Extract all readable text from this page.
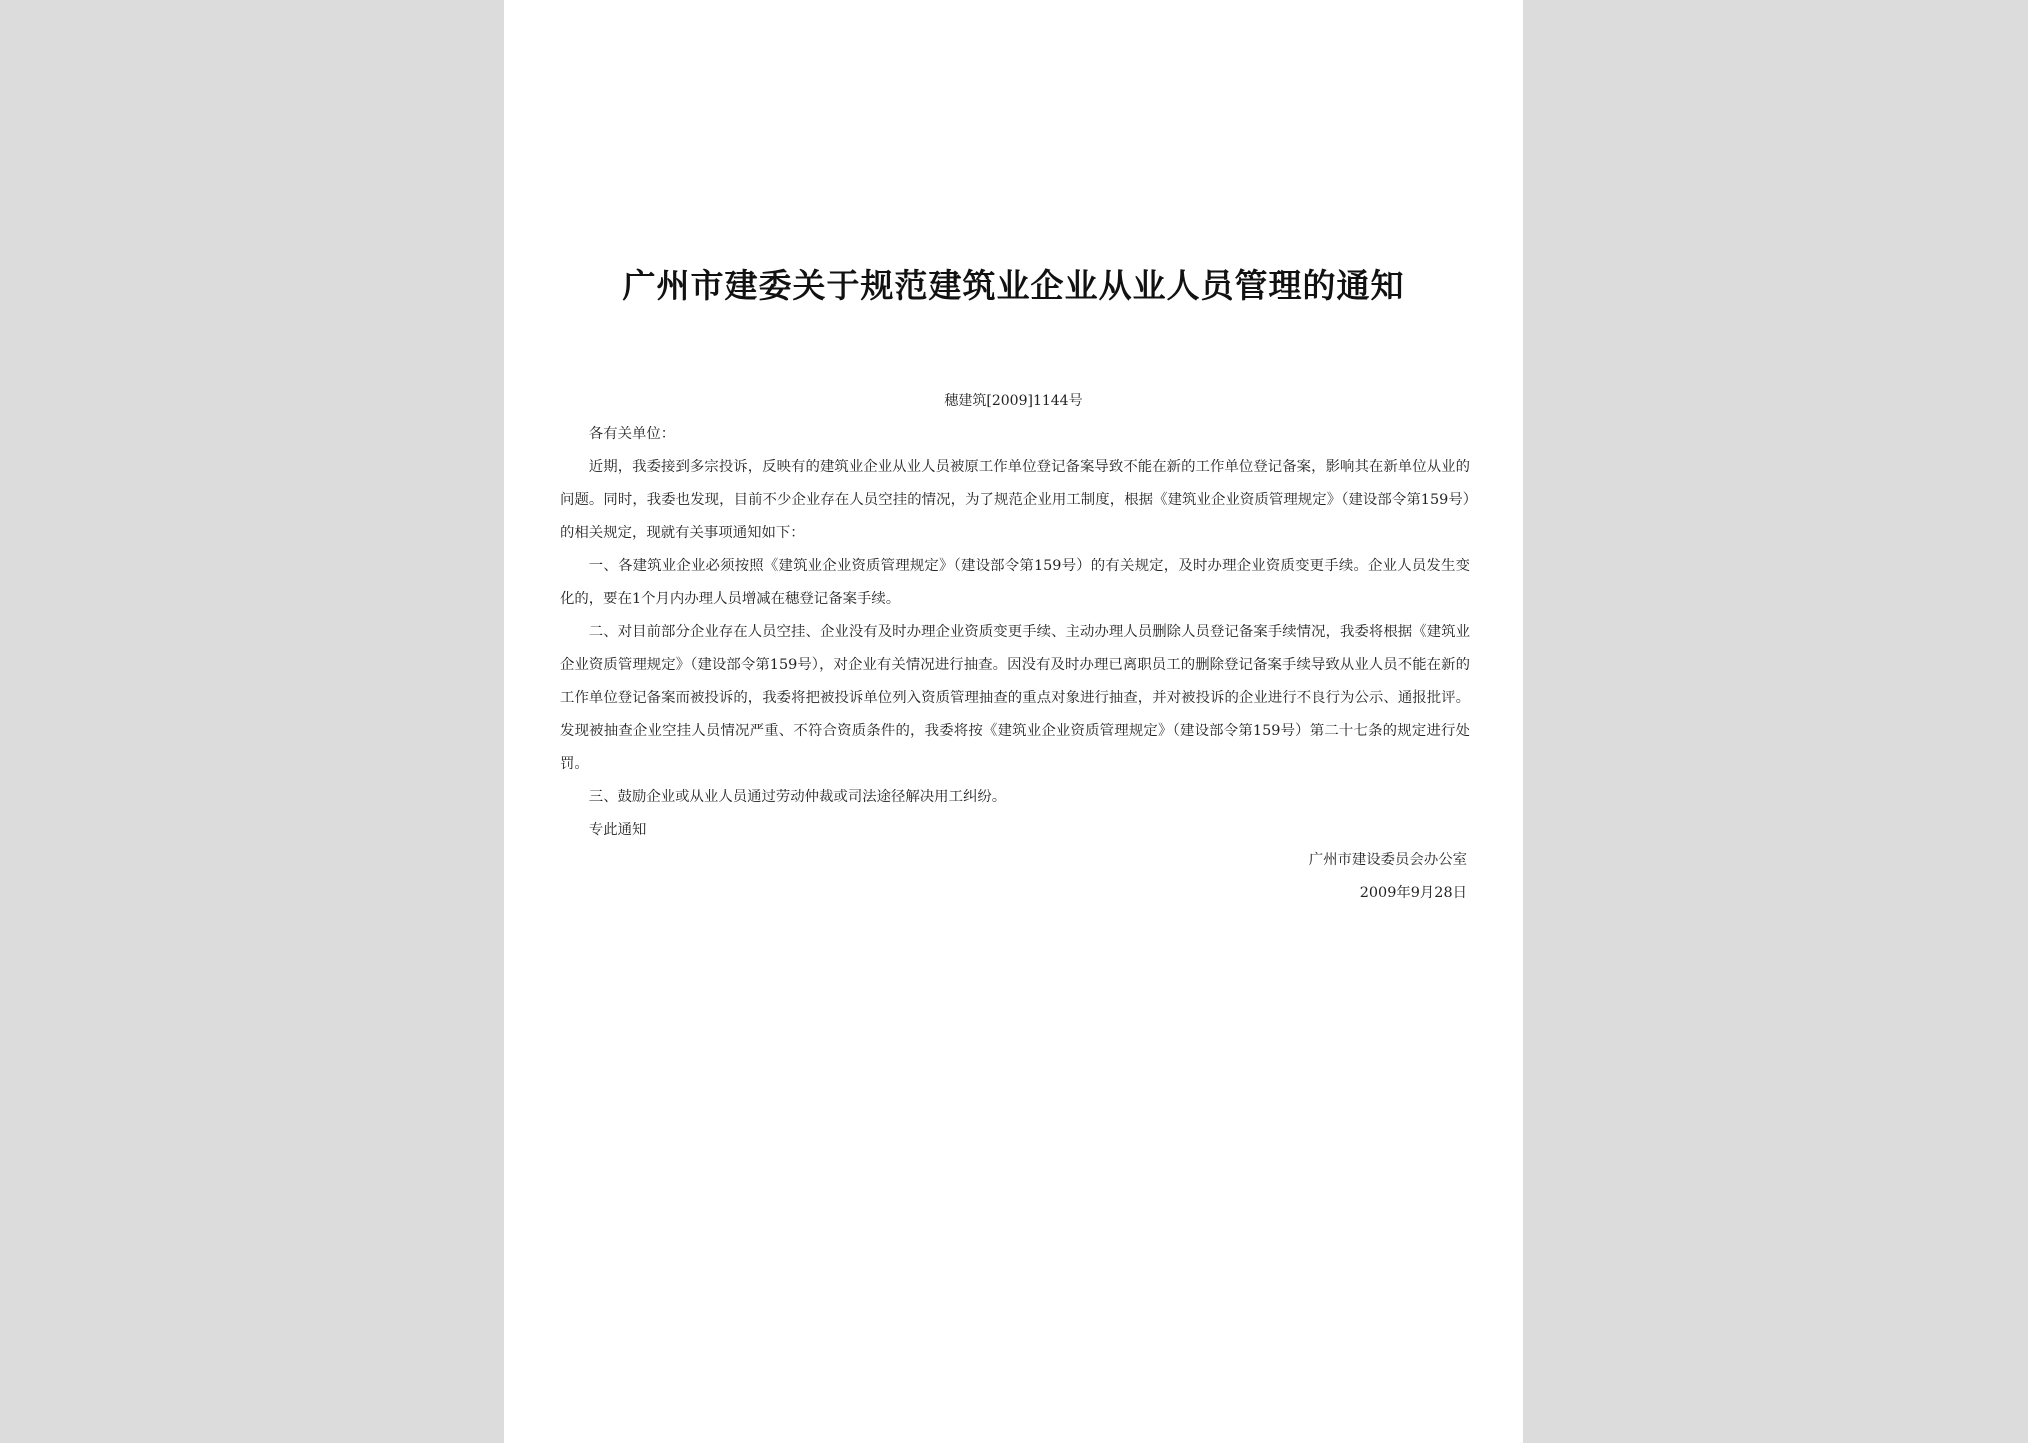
广州市建委关于规范建筑业企业从业人员管理的通知
穗建筑[2009]1144号

各有关单位：

近期，我委接到多宗投诉，反映有的建筑业企业从业人员被原工作单位登记备案导致不能在新的工作单位登记备案，影响其在新单位从业的问题。同时，我委也发现，目前不少企业存在人员空挂的情况，为了规范企业用工制度，根据《建筑业企业资质管理规定》（建设部令第159号）的相关规定，现就有关事项通知如下：

一、各建筑业企业必须按照《建筑业企业资质管理规定》（建设部令第159号）的有关规定，及时办理企业资质变更手续。企业人员发生变化的，要在1个月内办理人员增减在穗登记备案手续。

二、对目前部分企业存在人员空挂、企业没有及时办理企业资质变更手续、主动办理人员删除人员登记备案手续情况，我委将根据《建筑业企业资质管理规定》（建设部令第159号），对企业有关情况进行抽查。因没有及时办理已离职员工的删除登记备案手续导致从业人员不能在新的工作单位登记备案而被投诉的，我委将把被投诉单位列入资质管理抽查的重点对象进行抽查，并对被投诉的企业进行不良行为公示、通报批评。发现被抽查企业空挂人员情况严重、不符合资质条件的，我委将按《建筑业企业资质管理规定》（建设部令第159号）第二十七条的规定进行处罚。

三、鼓励企业或从业人员通过劳动仲裁或司法途径解决用工纠纷。

专此通知

广州市建设委员会办公室
2009年9月28日
